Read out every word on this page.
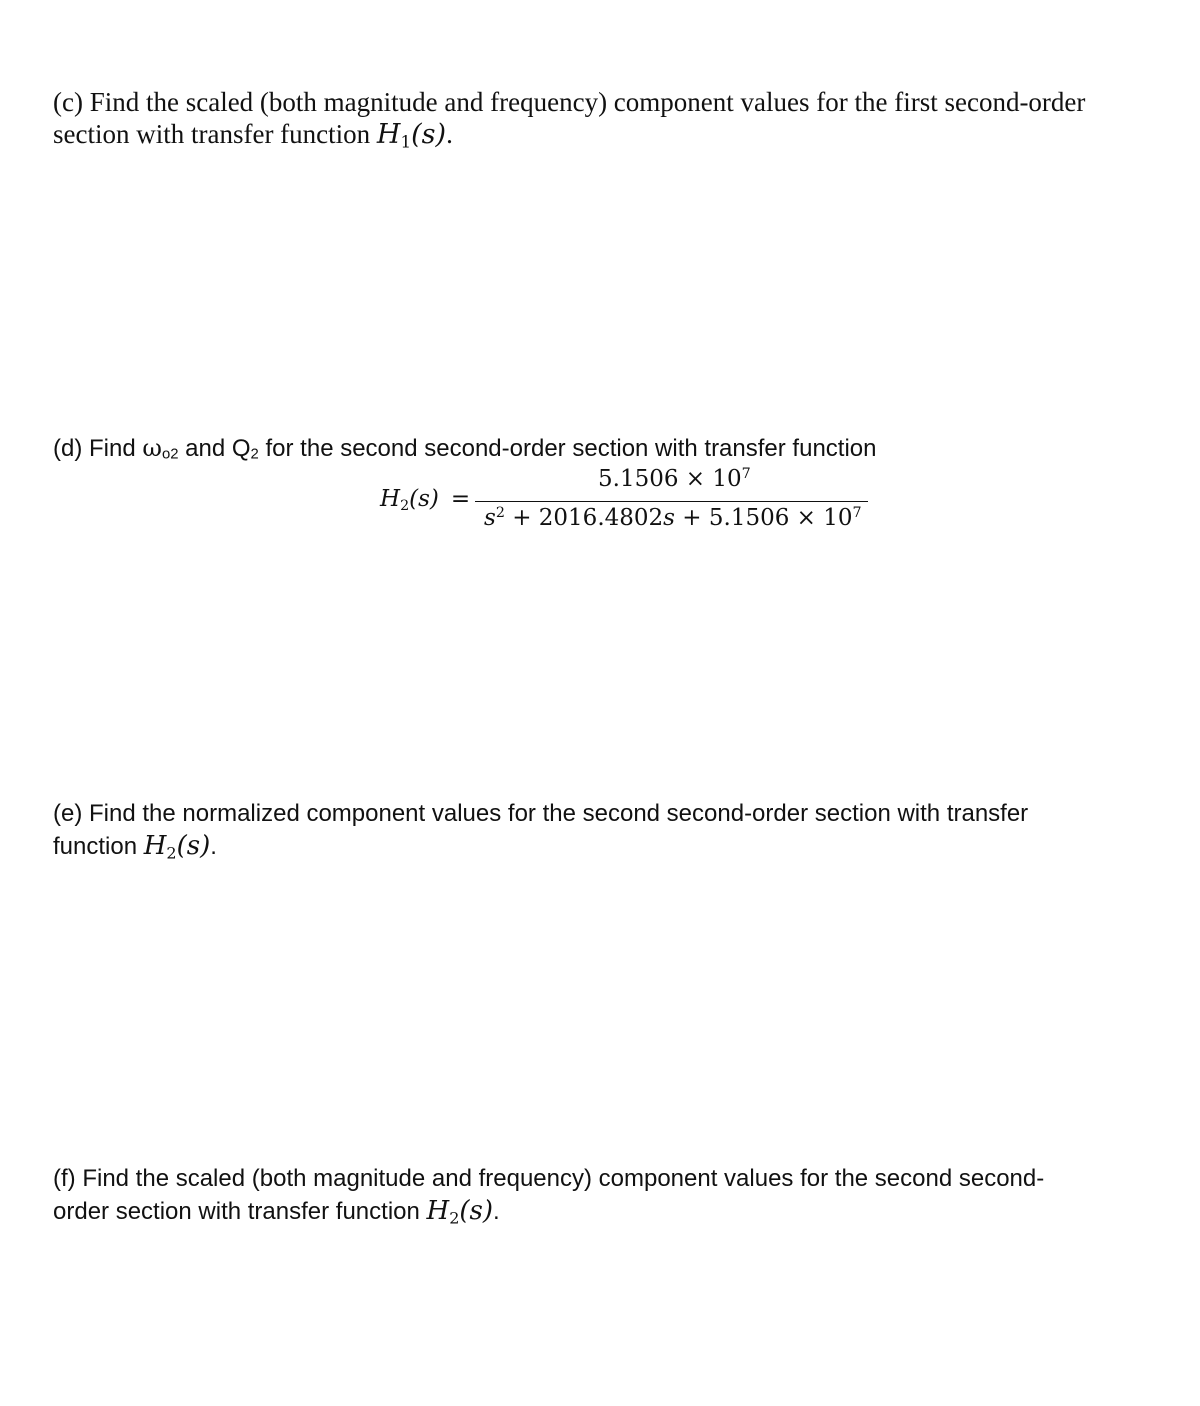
(c) Find the scaled (both magnitude and frequency) component values for the first second-order
section with transfer function $H_1(s)$.
(d) Find ωo2 and Q2 for the second second-order section with transfer function
$H_2(s)$ =
$5.1506 \times 10^7$
$s^2 + 2016.4802s + 5.1506 \times 10^7$
(e) Find the normalized component values for the second second-order section with transfer
function $H_2(s)$.
(f) Find the scaled (both magnitude and frequency) component values for the second second-
order section with transfer function $H_2(s)$.
